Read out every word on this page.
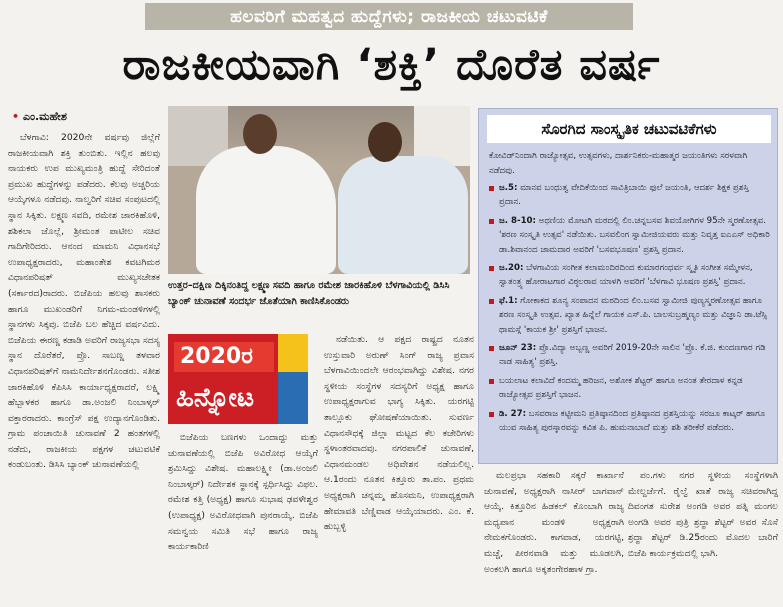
ಹಲವರಿಗೆ ಮಹತ್ವದ ಹುದ್ದೆಗಳು; ರಾಜಕೀಯ ಚಟುವಟಿಕೆ
ರಾಜಕೀಯವಾಗಿ ‘ಶಕ್ತಿ’ ದೊರೆತ ವರ್ಷ
• ಎಂ.ಮಹೇಶ

ಬೆಳಗಾವಿ: 2020ನೇ ವರ್ಷವು ಜಿಲ್ಲೆಗೆ ರಾಜಕೀಯವಾಗಿ ಶಕ್ತಿ ತುಂಬಿತು. ಇಲ್ಲಿನ ಹಲವು ನಾಯಕರು ಉಪ ಮುಖ್ಯಮಂತ್ರಿ ಹುದ್ದೆ ಸೇರಿದಂತೆ ಪ್ರಮುಖ ಹುದ್ದೆಗಳನ್ನು ಪಡೆದರು. ಕೆಲವು ಅಚ್ಚರಿಯ ಆಯ್ಕೆಗಳೂ ನಡೆದವು. ನಾಲ್ವರಿಗೆ ಸಚಿವ ಸಂಪುಟದಲ್ಲಿ ಸ್ಥಾನ ಸಿಕ್ಕಿತು. ಲಕ್ಷ್ಮಣ ಸವದಿ, ರಮೇಶ ಜಾರಕಿಹೊಳಿ, ಶಶಿಕಲಾ ಜೊಲ್ಲೆ, ಶ್ರೀಮಂತ ಪಾಟೀಲ ಸಚಿವ ಗಾದಿಗೇರಿದರು. ಆನಂದ ಮಾಮನಿ ವಿಧಾನಸಭೆ ಉಪಾಧ್ಯಕ್ಷರಾದರು, ಮಹಾಂತೇಶ ಕವಟಗಿಮಠ ವಿಧಾನಪರಿಷತ್ ಮುಖ್ಯಸಚೇತಕ (ಸರ್ಕಾರದ)ರಾದರು. ಬಿಜೆಪಿಯ ಹಲವು ಶಾಸಕರು ಹಾಗೂ ಮುಖಂಡರಿಗೆ ನಿಗಮ-ಮಂಡಳಿಗಳಲ್ಲಿ ಸ್ಥಾನಗಳು ಸಿಕ್ಕವು. ಬಿಜೆಪಿ ಬಲ ಹೆಚ್ಚಿದ ವರ್ಷವಿದು. ಬಿಜೆಪಿಯ ಈರಣ್ಣ ಕಡಾಡಿ ಅವರಿಗೆ ರಾಜ್ಯಸಭಾ ಸದಸ್ಯ ಸ್ಥಾನ ದೊರೆತರೆ, ಪ್ರೊ. ಸಾಬಣ್ಣ ತಳವಾರ ವಿಧಾನಪರಿಷತ್‌ಗೆ ನಾಮನಿರ್ದೇಶನಗೊಂಡರು. ಸತೀಶ ಜಾರಕಿಹೊಳಿ ಕೆಪಿಸಿಸಿ ಕಾರ್ಯಾಧ್ಯಕ್ಷರಾದರೆ, ಲಕ್ಷ್ಮಿ ಹೆಬ್ಬಾಳಕರ ಹಾಗೂ ಡಾ.ಅಂಜಲಿ ನಿಂಬಾಳ್ಕರ್ ವಕ್ತಾರರಾದರು. ಕಾಂಗ್ರೆಸ್ ಪಕ್ಷ ಉದ್ಯಾನಗೊಂಡಿತು. ಗ್ರಾಮ ಪಂಚಾಯಿತಿ ಚುನಾವಣೆ 2 ಹಂತಗಳಲ್ಲಿ ನಡೆದು, ರಾಜಕೀಯ ಪಕ್ಷಗಳ ಚಟುವಟಿಕೆ ಕಂಡುಬಂತು. ಡಿಸಿಸಿ ಬ್ಯಾಂಕ್ ಚುನಾವಣೆಯಲ್ಲಿ

ಉತ್ತರ–ದಕ್ಷಿಣ ದಿಕ್ಕಿನಂತಿದ್ದ ಲಕ್ಷ್ಮಣ ಸವದಿ ಹಾಗೂ ರಮೇಶ ಜಾರಕಿಹೊಳಿ ಬೆಳಗಾವಿಯಲ್ಲಿ ಡಿಸಿಸಿ ಬ್ಯಾಂಕ್ ಚುನಾವಣೆ ಸಂದರ್ಭ ಜೊತೆಯಾಗಿ ಕಾಣಿಸಿಕೊಂಡರು
2020ರ
ಹಿನ್ನೋಟ

ಬಿಜೆಪಿಯ ಬಣಗಳು ಒಂದಾದ್ದು ಮತ್ತು ಚುನಾವಣೆಯಲ್ಲಿ ಬಿಜೆಪಿ ಅವಿರೋಧ ಆಯ್ಕೆಗೆ ಶ್ರಮಿಸಿದ್ದು ವಿಶೇಷ. ಮಹಾಲಕ್ಷ್ಮೀ (ಡಾ.ಅಂಜಲಿ ನಿಂಬಾಳ್ಕರ್) ನಿರ್ದೇಶಕ ಸ್ಥಾನಕ್ಕೆ ಸ್ಪರ್ಧಿಸಿದ್ದು ವಿಫಲ. ರಮೇಶ ಕತ್ತಿ (ಅಧ್ಯಕ್ಷ) ಹಾಗೂ ಸುಭಾಷ ಢವಳೇಶ್ವರ (ಉಪಾಧ್ಯಕ್ಷ) ಅವಿರೋಧವಾಗಿ ಪುನರಾಯ್ಕೆ. ಬಿಜೆಪಿ ಸಮನ್ವಯ ಸಮಿತಿ ಸಭೆ ಹಾಗೂ ರಾಜ್ಯ ಕಾರ್ಯಕಾರಿಣಿ

ನಡೆಯಿತು. ಆ ಪಕ್ಷದ ರಾಷ್ಟ್ರದ ನೂತನ ಉಸ್ತುವಾರಿ ಅರುಣ್ ಸಿಂಗ್ ರಾಜ್ಯ ಪ್ರವಾಸ ಬೆಳಗಾವಿಯಿಂದಲೇ ಆರಂಭವಾಗಿದ್ದು ವಿಶೇಷ. ನಗರ ಸ್ಥಳೀಯ ಸಂಸ್ಥೆಗಳ ಸದಸ್ಯರಿಗೆ ಅಧ್ಯಕ್ಷ ಹಾಗೂ ಉಪಾಧ್ಯಕ್ಷರಾಗುವ ಭಾಗ್ಯ ಸಿಕ್ಕಿತು. ಯರಗಟ್ಟಿ ತಾಲ್ಲೂಕು ಘೋಷಣೆಯಾಯಿತು. ಸುವರ್ಣ ವಿಧಾನಸೌಧಕ್ಕೆ ಜಿಲ್ಲಾ ಮಟ್ಟದ ಕೆಲ ಕಚೇರಿಗಳು ಸ್ಥಳಾಂತರವಾದವು. ನಗರಪಾಲಿಕೆ ಚುನಾವಣೆ, ವಿಧಾನಮಂಡಲ ಅಧಿವೇಶನ ನಡೆಯಲಿಲ್ಲ. ಆ.1ರಂದು ನೂತನ ಕಿತ್ತೂರು ತಾ.ಪಂ. ಪ್ರಥಮ ಅಧ್ಯಕ್ಷರಾಗಿ ಚನ್ನಮ್ಮ ಹೊಸಮನಿ, ಉಪಾಧ್ಯಕ್ಷರಾಗಿ ಹೇಮಾವತಿ ಬೆಣ್ಣಿವಾಡ ಆಯ್ಕೆಯಾದರು. ಎಂ. ಕೆ. ಹುಬ್ಬಳ್ಳಿ

ಸೊರಗಿದ ಸಾಂಸ್ಕೃತಿಕ ಚಟುವಟಿಕೆಗಳು
ಕೋವಿಡ್‌ನಿಂದಾಗಿ ರಾಜ್ಯೋತ್ಸವ, ಉತ್ಸವಗಳು, ದಾರ್ಶನಿಕರು-ಮಹಾತ್ಮರ ಜಯಂತಿಗಳು ಸರಳವಾಗಿ ನಡೆದವು.
ಜ.5: ಮಾನವ ಬಂಧುತ್ವ ವೇದಿಕೆಯಿಂದ ಸಾವಿತ್ರಿಬಾಯಿ ಫುಲೆ ಜಯಂತಿ, ಆದರ್ಶ ಶಿಕ್ಷಕ ಪ್ರಶಸ್ತಿ ಪ್ರದಾನ.
ಜ. 8-10: ಅಥಣಿಯ ಮೋಟಗಿ ಮಠದಲ್ಲಿ ಲಿಂ.ಚನ್ನಬಸವ ಶಿವಯೋಗಿಗಳ 95ನೇ ಸ್ಮರಣೋತ್ಸವ. 'ಶರಣ ಸಂಸ್ಕೃತಿ ಉತ್ಸವ' ನಡೆಯಿತು. ಬಸವಲಿಂಗ ಸ್ವಾಮೀಜಿಯವರು ಮತ್ತು ನಿವೃತ್ತ ಐಎಎಸ್ ಅಧಿಕಾರಿ ಡಾ.ಶಿವಾನಂದ ಜಾಮದಾರ ಅವರಿಗೆ 'ಬಸವಭೂಷಣ' ಪ್ರಶಸ್ತಿ ಪ್ರದಾನ.
ಜ.20: ಬೆಳಗಾವಿಯ ಸಂಗೀತ ಕಲಾಮಂದಿರದಿಂದ ಕುಮಾರಗಂಧರ್ವ ಸ್ಮೃತಿ ಸಂಗೀತ ಸಮ್ಮೇಳನ, ಸ್ವಾತಂತ್ರ್ಯ ಹೋರಾಟಗಾರ ವಿಠ್ಠಲರಾವ ಯಾಳಗಿ ಅವರಿಗೆ 'ಬೆಳಗಾವಿ ಭೂಷಣ ಪ್ರಶಸ್ತಿ' ಪ್ರದಾನ.
ಫೆ.1: ಗೋಕಾಕದ ಶೂನ್ಯ ಸಂಪಾದನ ಮಠದಿಂದ ಲಿಂ.ಬಸವ ಸ್ವಾಮೀಜಿ ಪುಣ್ಯಸ್ಮರಣೋತ್ಸವ ಹಾಗೂ ಶರಣ ಸಂಸ್ಕೃತಿ ಉತ್ಸವ. ಖ್ಯಾತ ಹಿನ್ನೆಲೆ ಗಾಯಕ ಎಸ್.ಪಿ. ಬಾಲಸುಬ್ರಹ್ಮಣ್ಯಂ ಮತ್ತು ವಿಜ್ಞಾನಿ ಡಾ.ಟೆಸ್ಸಿ ಥಾಮಸ್ಗೆ 'ಕಾಯಕ ಶ್ರೀ' ಪ್ರಶಸ್ತಿಗೆ ಭಾಜನ.
ಜೂನ್ 23: ಪ್ರೊ.ವಿದ್ಯಾ ಅಬ್ಬಣ್ಣ ಅವರಿಗೆ 2019-20ನೇ ಸಾಲಿನ 'ಪ್ರೊ. ಕೆ.ಜಿ. ಕುಂದಣಗಾರ ಗಡಿ ನಾಡ ಸಾಹಿತ್ಯ' ಪ್ರಶಸ್ತಿ.
ಬಯಲಾಟ ಕಲಾವಿದೆ ಕಂದಮ್ಮ ಹರಿಜನ, ಅಶೋಕ ಶೆಟ್ಟರ್ ಹಾಗೂ ಅನಂತ ತೇರದಾಳ ಕನ್ನಡ ರಾಜ್ಯೋತ್ಸವ ಪ್ರಶಸ್ತಿಗೆ ಭಾಜನ.
ಡಿ. 27: ಬಸವರಾಜ ಕಟ್ಟೀಮನಿ ಪ್ರತಿಷ್ಠಾನದಿಂದ ಪ್ರತಿಷ್ಠಾನದ ಪ್ರಶಸ್ತಿಯನ್ನು ಸರಜೂ ಕಾಟ್ಕರ್ ಹಾಗೂ ಯುವ ಸಾಹಿತ್ಯ ಪುರಸ್ಕಾರವನ್ನು ಕವಿತ ಪಿ. ಹುಮನಾಬಾದೆ ಮತ್ತು ಶಶಿ ತರೀಕೆರೆ ಪಡೆದರು.

ಮಲಪ್ರಭಾ ಸಹಕಾರಿ ಸಕ್ಕರೆ ಕಾರ್ಖಾನೆ ಚುನಾವಣೆ, ಅಧ್ಯಕ್ಷರಾಗಿ ನಾಸೀರ್ ಬಾಗವಾನ್ ಆಯ್ಕೆ. ಕಿತ್ತೂರಿನ ಹಿಡಕಲ್ ಕೊಂಬಾಗಿ ರಾಜ್ಯ ಮಧ್ಯಪಾನ ಮಂಡಳಿ ಅಧ್ಯಕ್ಷರಾಗಿ ನೇಮಕಗೊಂಡರು. ಕಾಗವಾಡ, ಯರಗಟ್ಟಿ, ಮಚ್ಚೆ, ಪೀರನವಾಡಿ ಮತ್ತು ಮೂಡಲಗಿ, ಅಂಕಲಗಿ ಹಾಗೂ ಅಕ್ಕತಂಗೇರಹಾಳ ಗ್ರಾ.

ಪಂ.ಗಳು ನಗರ ಸ್ಥಳೀಯ ಸಂಸ್ಥೆಗಳಾಗಿ ಮೇಲ್ದರ್ಜೆಗೆ. ರೈಲ್ವೆ ಖಾತೆ ರಾಜ್ಯ ಸಚಿವರಾಗಿದ್ದ ದಿವಂಗತ ಸುರೇಶ ಅಂಗಡಿ ಅವರ ಪತ್ನಿ ಮಂಗಲ ಅಂಗಡಿ ಅವರ ಪುತ್ರಿ ಶ್ರದ್ಧಾ ಶೆಟ್ಟರ್ ಅವರ ಸೊಸೆ ಶ್ರದ್ಧಾ ಶೆಟ್ಟರ್ ಡಿ.25ರಂದು ಮೊದಲ ಬಾರಿಗೆ ಬಿಜೆಪಿ ಕಾರ್ಯಕ್ರಮದಲ್ಲಿ ಭಾಗಿ.
